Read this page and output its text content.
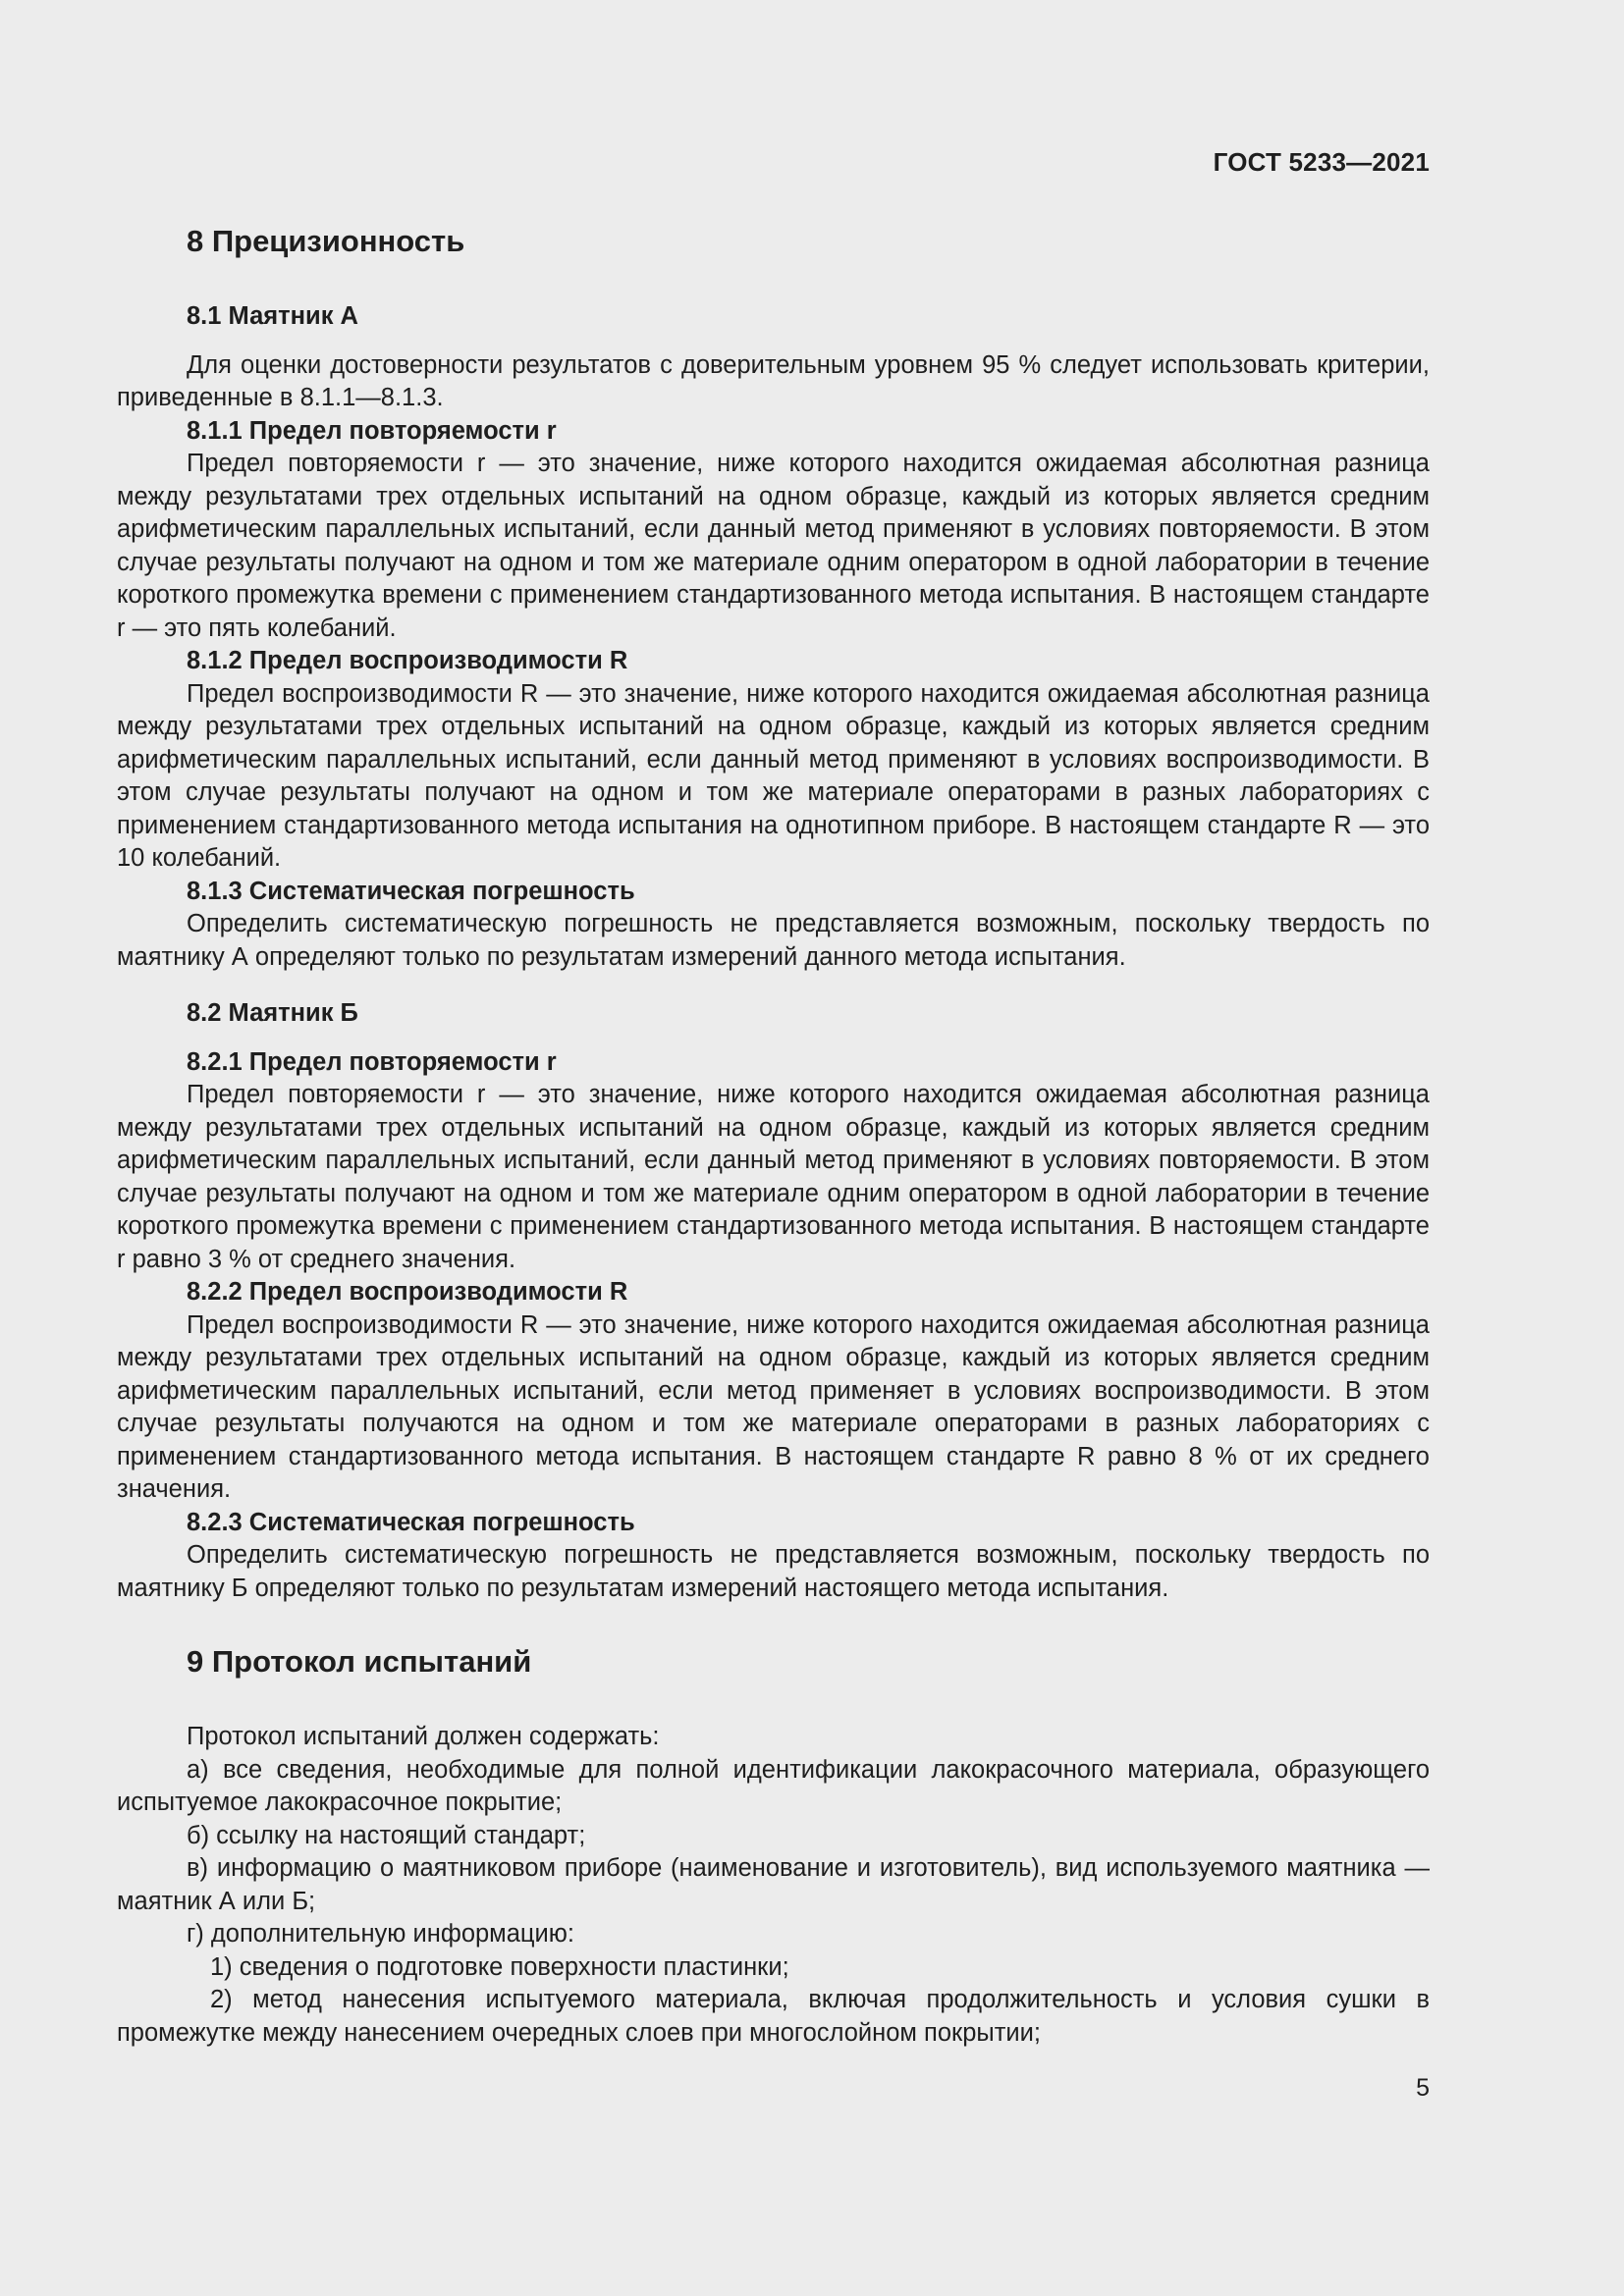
ГОСТ 5233—2021
8 Прецизионность
8.1 Маятник А

Для оценки достоверности результатов с доверительным уровнем 95 % следует использовать критерии, приведенные в 8.1.1—8.1.3.

8.1.1 Предел повторяемости r

Предел повторяемости r — это значение, ниже которого находится ожидаемая абсолютная разница между результатами трех отдельных испытаний на одном образце, каждый из которых является средним арифметическим параллельных испытаний, если данный метод применяют в условиях повторяемости. В этом случае результаты получают на одном и том же материале одним оператором в одной лаборатории в течение короткого промежутка времени с применением стандартизованного метода испытания. В настоящем стандарте r — это пять колебаний.

8.1.2 Предел воспроизводимости R

Предел воспроизводимости R — это значение, ниже которого находится ожидаемая абсолютная разница между результатами трех отдельных испытаний на одном образце, каждый из которых является средним арифметическим параллельных испытаний, если данный метод применяют в условиях воспроизводимости. В этом случае результаты получают на одном и том же материале операторами в разных лабораториях с применением стандартизованного метода испытания на однотипном приборе. В настоящем стандарте R — это 10 колебаний.

8.1.3 Систематическая погрешность

Определить систематическую погрешность не представляется возможным, поскольку твердость по маятнику А определяют только по результатам измерений данного метода испытания.

8.2 Маятник Б
8.2.1 Предел повторяемости r

Предел повторяемости r — это значение, ниже которого находится ожидаемая абсолютная разница между результатами трех отдельных испытаний на одном образце, каждый из которых является средним арифметическим параллельных испытаний, если данный метод применяют в условиях повторяемости. В этом случае результаты получают на одном и том же материале одним оператором в одной лаборатории в течение короткого промежутка времени с применением стандартизованного метода испытания. В настоящем стандарте r равно 3 % от среднего значения.

8.2.2 Предел воспроизводимости R

Предел воспроизводимости R — это значение, ниже которого находится ожидаемая абсолютная разница между результатами трех отдельных испытаний на одном образце, каждый из которых является средним арифметическим параллельных испытаний, если метод применяет в условиях воспроизводимости. В этом случае результаты получаются на одном и том же материале операторами в разных лабораториях с применением стандартизованного метода испытания. В настоящем стандарте R равно 8 % от их среднего значения.

8.2.3 Систематическая погрешность

Определить систематическую погрешность не представляется возможным, поскольку твердость по маятнику Б определяют только по результатам измерений настоящего метода испытания.

9 Протокол испытаний

Протокол испытаний должен содержать:

а) все сведения, необходимые для полной идентификации лакокрасочного материала, образующего испытуемое лакокрасочное покрытие;

б) ссылку на настоящий стандарт;

в) информацию о маятниковом приборе (наименование и изготовитель), вид используемого маятника — маятник А или Б;

г) дополнительную информацию:

1) сведения о подготовке поверхности пластинки;

2) метод нанесения испытуемого материала, включая продолжительность и условия сушки в промежутке между нанесением очередных слоев при многослойном покрытии;

5
